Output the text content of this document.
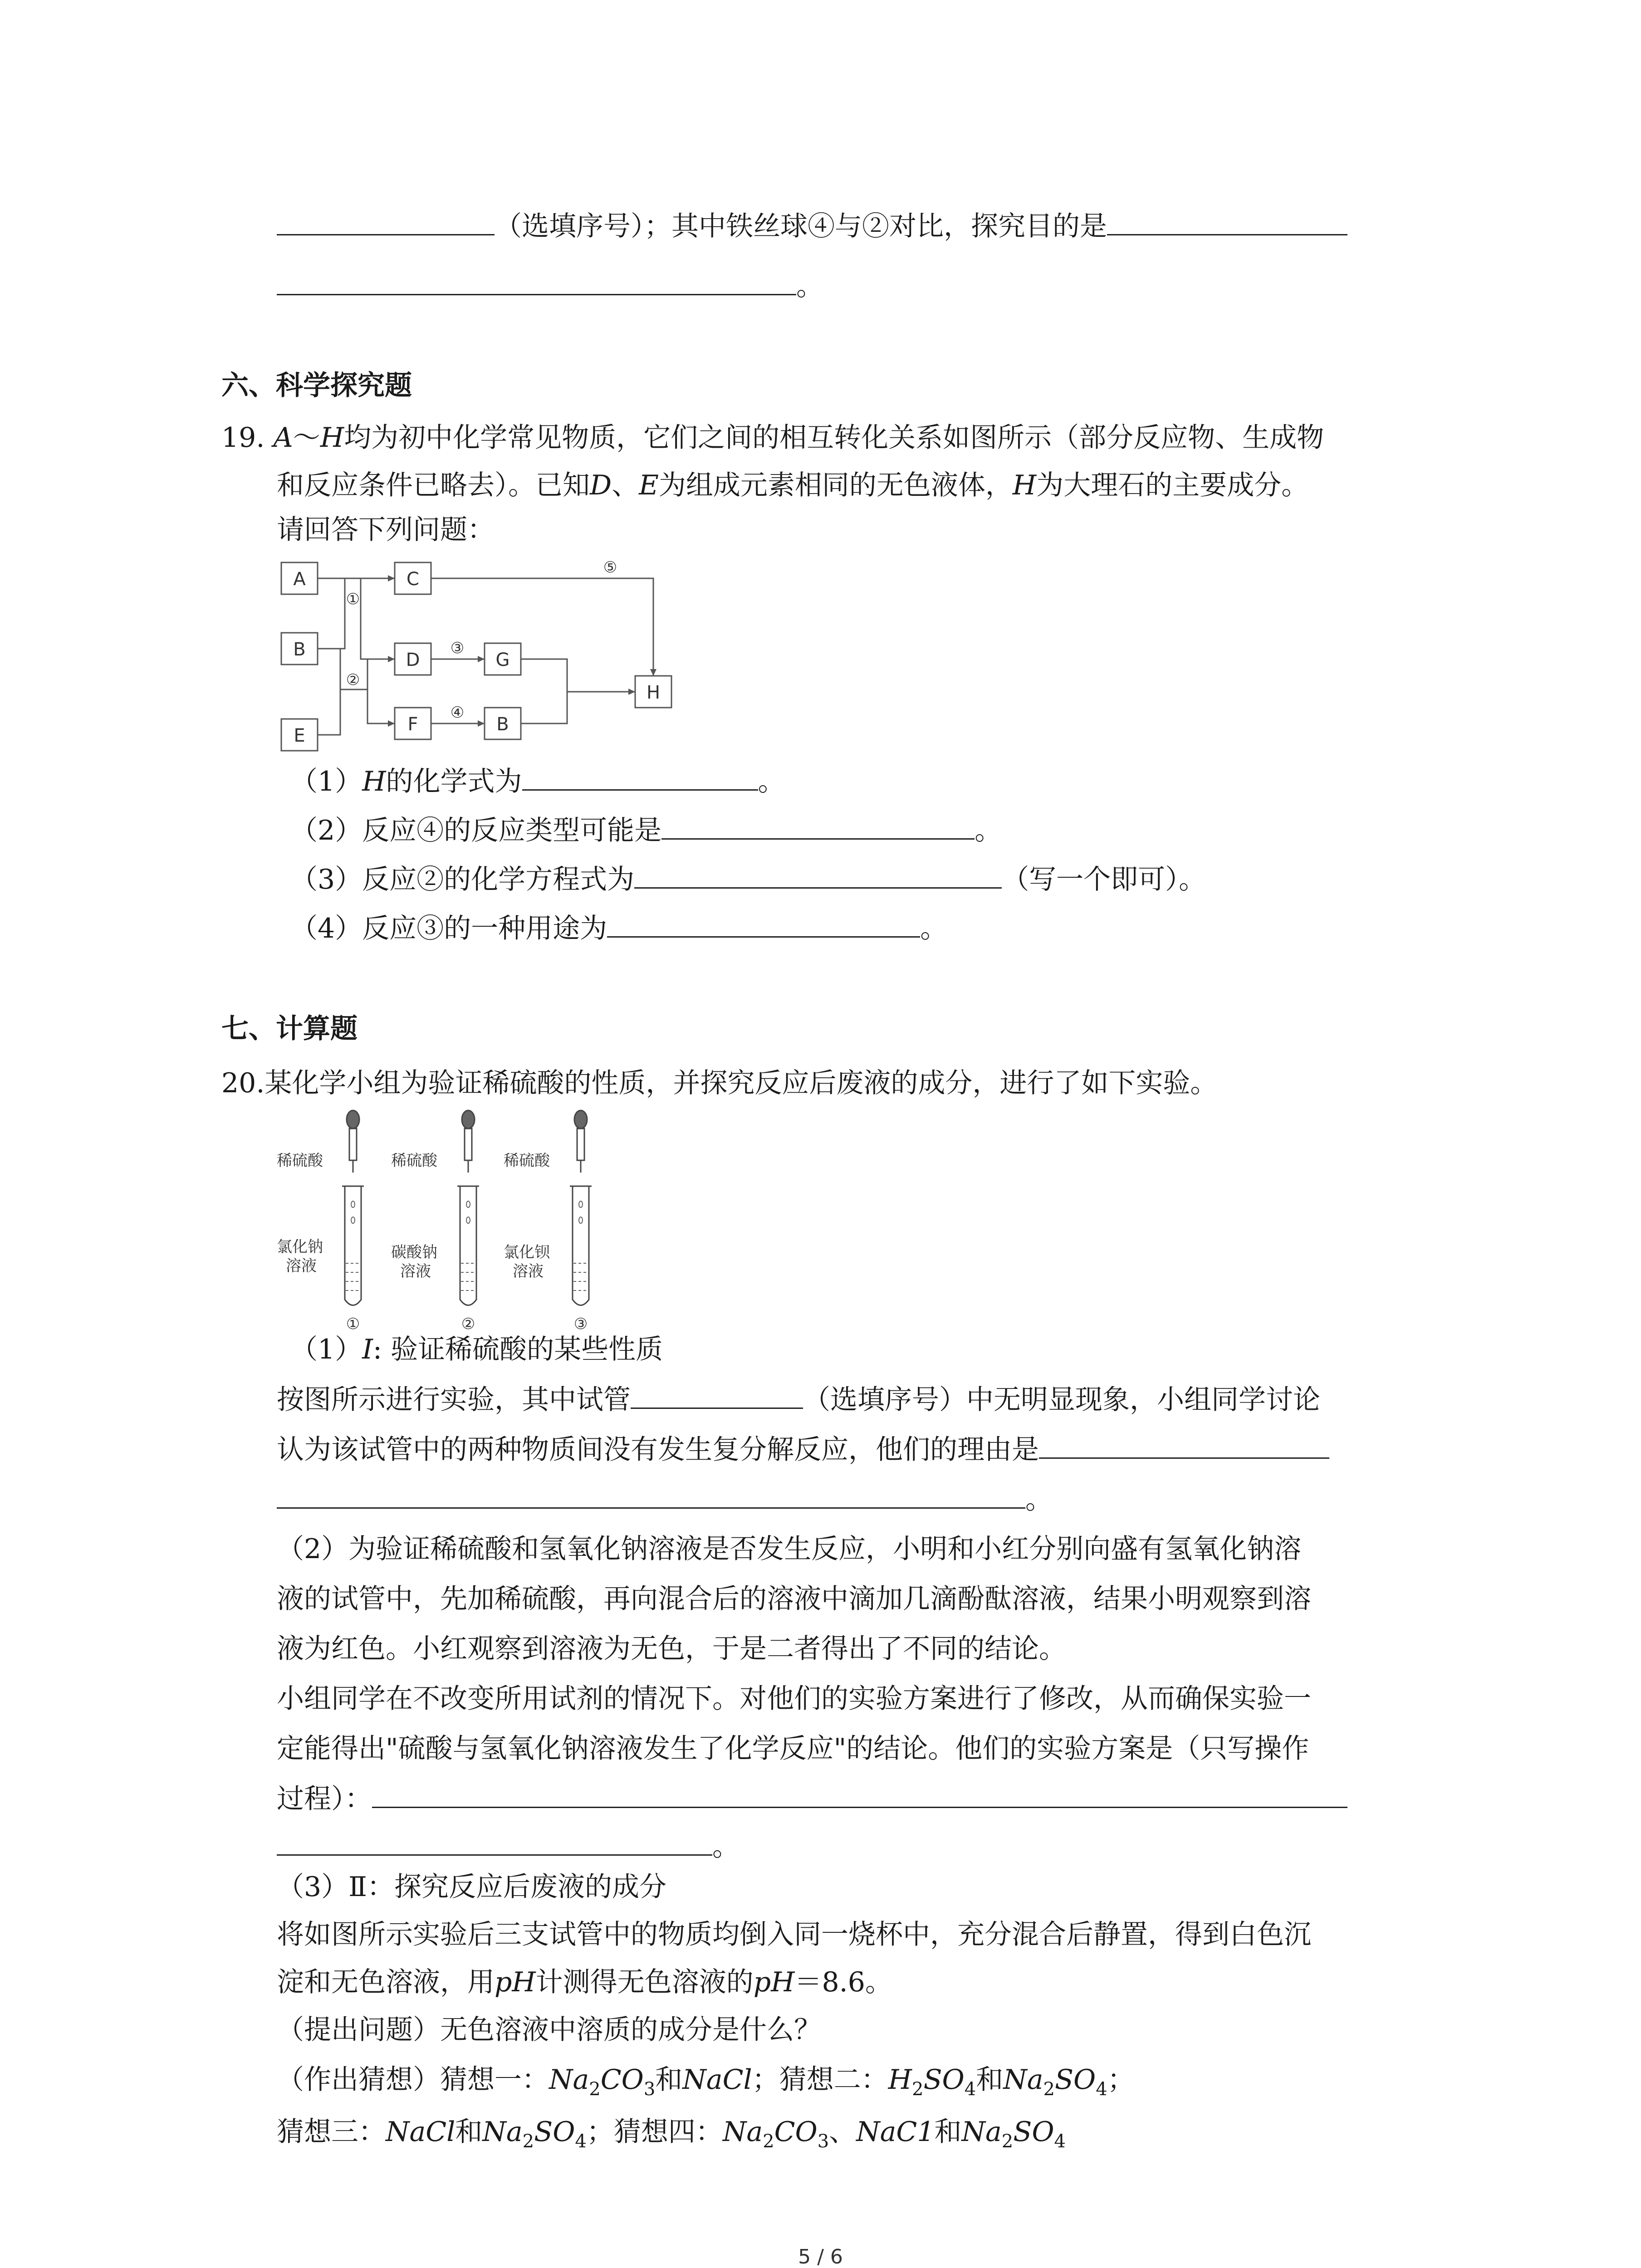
（选填序号）；其中铁丝球④与②对比，探究目的是
。
六、科学探究题
19. A～H均为初中化学常见物质，它们之间的相互转化关系如图所示（部分反应物、生成物
和反应条件已略去）。已知D、E为组成元素相同的无色液体，H为大理石的主要成分。
请回答下列问题：
A
B
E
C
D	G
F	B
H
①
②
③
④
⑤
（1）H的化学式为	。
（2）反应④的反应类型可能是	。
（3）反应②的化学方程式为	（写一个即可）。
（4）反应③的一种用途为	。
七、计算题
20.某化学小组为验证稀硫酸的性质，并探究反应后废液的成分，进行了如下实验。
稀硫酸	稀硫酸	稀硫酸
氯化钠
溶液
碳酸钠
溶液
氯化钡
溶液
①	②	③
（1）I: 验证稀硫酸的某些性质
按图所示进行实验，其中试管	（选填序号）中无明显现象，小组同学讨论
认为该试管中的两种物质间没有发生复分解反应，他们的理由是
。
（2）为验证稀硫酸和氢氧化钠溶液是否发生反应，小明和小红分别向盛有氢氧化钠溶
液的试管中，先加稀硫酸，再向混合后的溶液中滴加几滴酚酞溶液，结果小明观察到溶
液为红色。小红观察到溶液为无色，于是二者得出了不同的结论。
小组同学在不改变所用试剂的情况下。对他们的实验方案进行了修改，从而确保实验一
定能得出"硫酸与氢氧化钠溶液发生了化学反应"的结论。他们的实验方案是（只写操作
过程）：
。
（3）Ⅱ：探究反应后废液的成分
将如图所示实验后三支试管中的物质均倒入同一烧杯中，充分混合后静置，得到白色沉
淀和无色溶液，用pH计测得无色溶液的pH＝8.6。
（提出问题）无色溶液中溶质的成分是什么？
（作出猜想）猜想一：$Na_2CO_3$和NaCl；猜想二：$H_2SO_4$和$Na_2SO_4$；
猜想三：NaCl和$Na_2SO_4$；猜想四：$Na_2CO_3$、NaC1和$Na_2SO_4$
5 / 6
